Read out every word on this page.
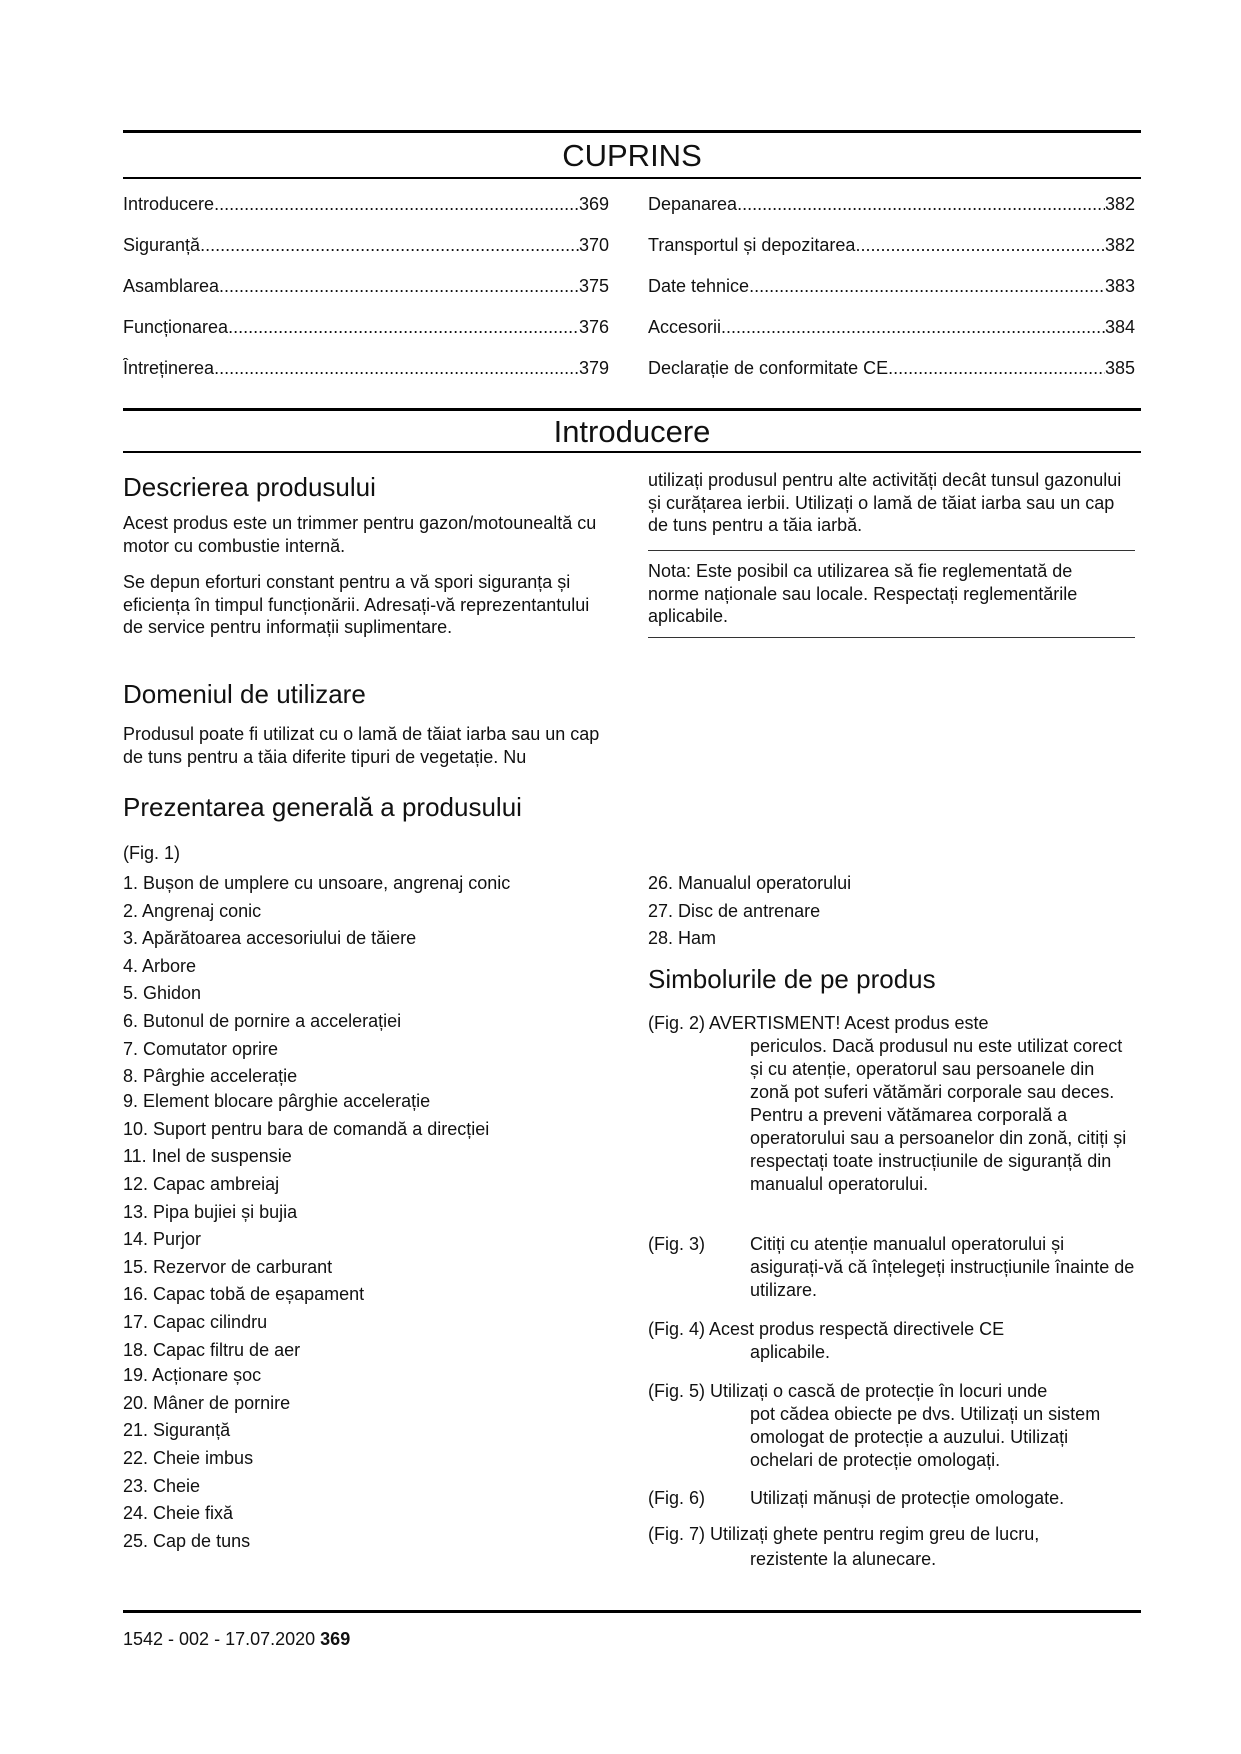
CUPRINS
Introducere .....	369
Siguranță .....	370
Asamblarea .....	375
Funcționarea .....	376
Întreținerea .....	379
Depanarea .....	382
Transportul și depozitarea .....	382
Date tehnice .....	383
Accesorii .....	384
Declarație de conformitate CE .....	385
Introducere
Descrierea produsului
Acest produs este un trimmer pentru gazon/motounealtă cu motor cu combustie internă.
Se depun eforturi constant pentru a vă spori siguranța și eficiența în timpul funcționării. Adresați-vă reprezentantului de service pentru informații suplimentare.
Domeniul de utilizare
Produsul poate fi utilizat cu o lamă de tăiat iarba sau un cap de tuns pentru a tăia diferite tipuri de vegetație. Nu
utilizați produsul pentru alte activități decât tunsul gazonului și curățarea ierbii. Utilizați o lamă de tăiat iarba sau un cap de tuns pentru a tăia iarbă.
Nota: Este posibil ca utilizarea să fie reglementată de norme naționale sau locale. Respectați reglementările aplicabile.
Prezentarea generală a produsului
(Fig. 1)
1. Bușon de umplere cu unsoare, angrenaj conic
2. Angrenaj conic
3. Apărătoarea accesoriului de tăiere
4. Arbore
5. Ghidon
6. Butonul de pornire a accelerației
7. Comutator oprire
8. Pârghie accelerație
9. Element blocare pârghie accelerație
10. Suport pentru bara de comandă a direcției
11. Inel de suspensie
12. Capac ambreiaj
13. Pipa bujiei și bujia
14. Purjor
15. Rezervor de carburant
16. Capac tobă de eșapament
17. Capac cilindru
18. Capac filtru de aer
19. Acționare șoc
20. Mâner de pornire
21. Siguranță
22. Cheie imbus
23. Cheie
24. Cheie fixă
25. Cap de tuns
26. Manualul operatorului
27. Disc de antrenare
28. Ham
Simbolurile de pe produs
(Fig. 2) AVERTISMENT! Acest produs este
periculos. Dacă produsul nu este utilizat corect și cu atenție, operatorul sau persoanele din zonă pot suferi vătămări corporale sau deces. Pentru a preveni vătămarea corporală a operatorului sau a persoanelor din zonă, citiți și respectați toate instrucțiunile de siguranță din manualul operatorului.
(Fig. 3) Citiți cu atenție manualul operatorului și asigurați-vă că înțelegeți instrucțiunile înainte de utilizare.
(Fig. 4) Acest produs respectă directivele CE
aplicabile.
(Fig. 5) Utilizați o cască de protecție în locuri unde
pot cădea obiecte pe dvs. Utilizați un sistem omologat de protecție a auzului. Utilizați ochelari de protecție omologați.
(Fig. 6) Utilizați mănuși de protecție omologate.
(Fig. 7) Utilizați ghete pentru regim greu de lucru,
rezistente la alunecare.
1542 - 002 - 17.07.2020 369
